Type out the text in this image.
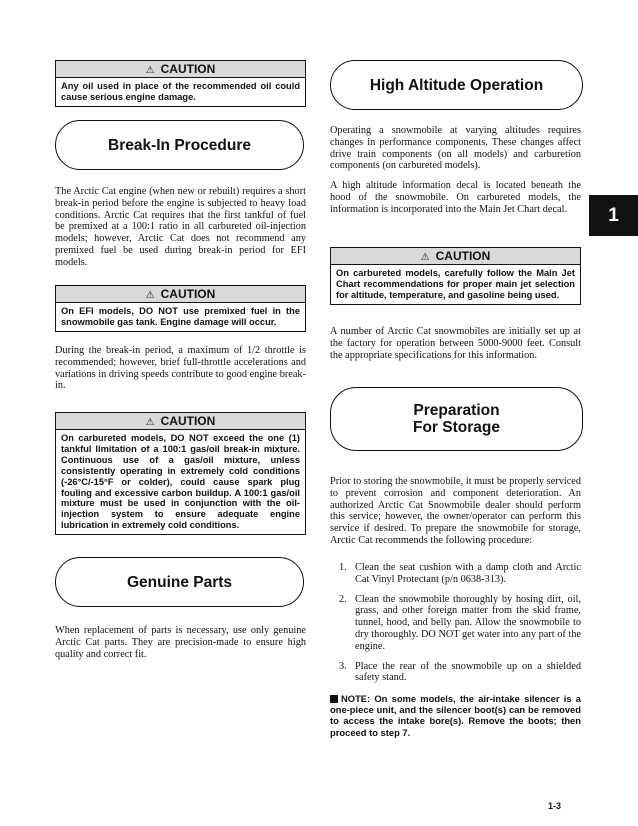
⚠ CAUTION
Any oil used in place of the recommended oil could cause serious engine damage.
Break-In Procedure

The Arctic Cat engine (when new or rebuilt) requires a short break-in period before the engine is subjected to heavy load conditions. Arctic Cat requires that the first tankful of fuel be premixed at a 100:1 ratio in all carbureted oil-injection models; however, Arctic Cat does not recommend any premixed fuel be used during break-in period for EFI models.

⚠ CAUTION
On EFI models, DO NOT use premixed fuel in the snowmobile gas tank. Engine damage will occur.

During the break-in period, a maximum of 1/2 throttle is recommended; however, brief full-throttle accelerations and variations in driving speeds contribute to good engine break-in.

⚠ CAUTION
On carbureted models, DO NOT exceed the one (1) tankful limitation of a 100:1 gas/oil break-in mixture. Continuous use of a gas/oil mixture, unless consistently operating in extremely cold conditions (-26°C/-15°F or colder), could cause spark plug fouling and excessive carbon buildup. A 100:1 gas/oil mixture must be used in conjunction with the oil-injection system to ensure adequate engine lubrication in extremely cold conditions.
Genuine Parts

When replacement of parts is necessary, use only genuine Arctic Cat parts. They are precision-made to ensure high quality and correct fit.

High Altitude Operation

Operating a snowmobile at varying altitudes requires changes in performance components. These changes affect drive train components (on all models) and carburetion components (on carbureted models).

A high altitude information decal is located beneath the hood of the snowmobile. On carbureted models, the information is incorporated into the Main Jet Chart decal.

⚠ CAUTION
On carbureted models, carefully follow the Main Jet Chart recommendations for proper main jet selection for altitude, temperature, and gasoline being used.

A number of Arctic Cat snowmobiles are initially set up at the factory for operation between 5000-9000 feet. Consult the appropriate specifications for this information.

Preparation
For Storage

Prior to storing the snowmobile, it must be properly serviced to prevent corrosion and component deterioration. An authorized Arctic Cat Snowmobile dealer should perform this service; however, the owner/operator can perform this service if desired. To prepare the snowmobile for storage, Arctic Cat recommends the following procedure:

1. Clean the seat cushion with a damp cloth and Arctic Cat Vinyl Protectant (p/n 0638-313).
2. Clean the snowmobile thoroughly by hosing dirt, oil, grass, and other foreign matter from the skid frame, tunnel, hood, and belly pan. Allow the snowmobile to dry thoroughly. DO NOT get water into any part of the engine.
3. Place the rear of the snowmobile up on a shielded safety stand.

NOTE: On some models, the air-intake silencer is a one-piece unit, and the silencer boot(s) can be removed to access the intake bore(s). Remove the boots; then proceed to step 7.

1
1-3
